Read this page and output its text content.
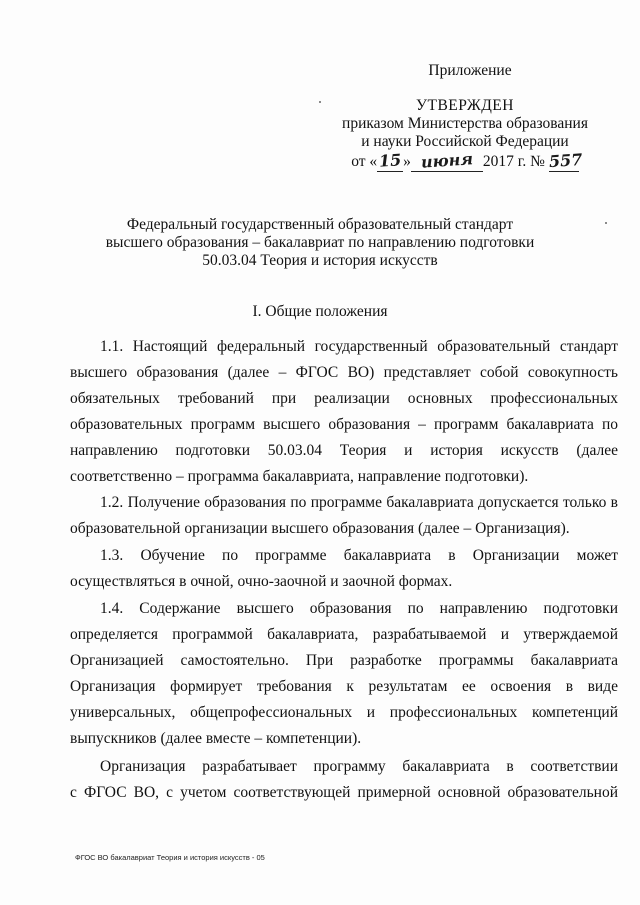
Приложение
УТВЕРЖДЕН
приказом Министерства образования
и науки Российской Федерации
от «15» июня 2017 г. № 557
Федеральный государственный образовательный стандарт
высшего образования – бакалавриат по направлению подготовки
50.03.04 Теория и история искусств
I. Общие положения
1.1. Настоящий федеральный государственный образовательный стандарт
высшего образования (далее – ФГОС ВО) представляет собой совокупность
обязательных требований при реализации основных профессиональных
образовательных программ высшего образования – программ бакалавриата по
направлению подготовки 50.03.04 Теория и история искусств (далее
соответственно – программа бакалавриата, направление подготовки).
1.2. Получение образования по программе бакалавриата допускается только в
образовательной организации высшего образования (далее – Организация).
1.3. Обучение по программе бакалавриата в Организации может
осуществляться в очной, очно-заочной и заочной формах.
1.4. Содержание высшего образования по направлению подготовки
определяется программой бакалавриата, разрабатываемой и утверждаемой
Организацией самостоятельно. При разработке программы бакалавриата
Организация формирует требования к результатам ее освоения в виде
универсальных, общепрофессиональных и профессиональных компетенций
выпускников (далее вместе – компетенции).
Организация разрабатывает программу бакалавриата в соответствии
с ФГОС ВО, с учетом соответствующей примерной основной образовательной
ФГОС ВО бакалавриат Теория и история искусств - 05
